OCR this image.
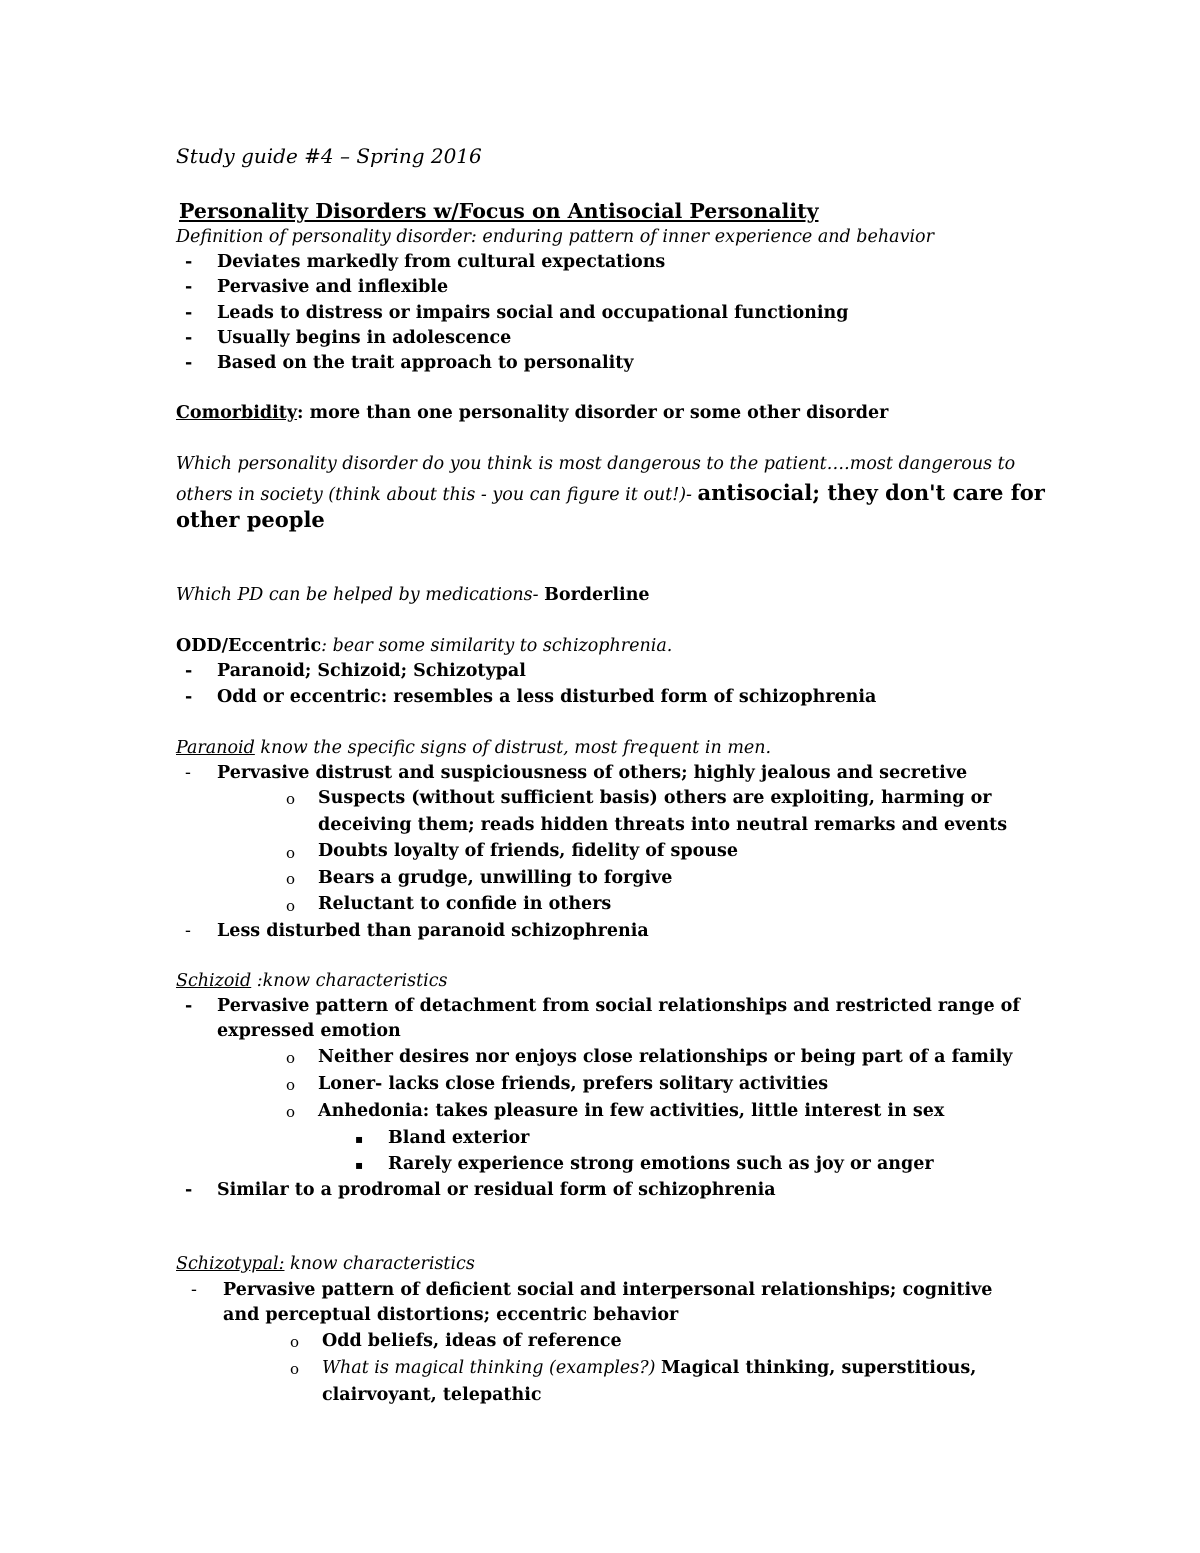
Study guide #4 – Spring 2016
Personality Disorders w/Focus on Antisocial Personality
Definition of personality disorder: enduring pattern of inner experience and behavior
- Deviates markedly from cultural expectations
- Pervasive and inflexible
- Leads to distress or impairs social and occupational functioning
- Usually begins in adolescence
- Based on the trait approach to personality
Comorbidity: more than one personality disorder or some other disorder
Which personality disorder do you think is most dangerous to the patient….most dangerous to
others in society (think about this - you can figure it out!)- antisocial; they don't care for
other people
Which PD can be helped by medications- Borderline
ODD/Eccentric: bear some similarity to schizophrenia.
- Paranoid; Schizoid; Schizotypal
- Odd or eccentric: resembles a less disturbed form of schizophrenia
Paranoid know the specific signs of distrust, most frequent in men.
- Pervasive distrust and suspiciousness of others; highly jealous and secretive
o Suspects (without sufficient basis) others are exploiting, harming or
deceiving them; reads hidden threats into neutral remarks and events
o Doubts loyalty of friends, fidelity of spouse
o Bears a grudge, unwilling to forgive
o Reluctant to confide in others
- Less disturbed than paranoid schizophrenia
Schizoid :know characteristics
- Pervasive pattern of detachment from social relationships and restricted range of
expressed emotion
o Neither desires nor enjoys close relationships or being part of a family
o Loner- lacks close friends, prefers solitary activities
o Anhedonia: takes pleasure in few activities, little interest in sex
▪ Bland exterior
▪ Rarely experience strong emotions such as joy or anger
- Similar to a prodromal or residual form of schizophrenia
Schizotypal: know characteristics
- Pervasive pattern of deficient social and interpersonal relationships; cognitive
and perceptual distortions; eccentric behavior
o Odd beliefs, ideas of reference
o What is magical thinking (examples?) Magical thinking, superstitious,
clairvoyant, telepathic
